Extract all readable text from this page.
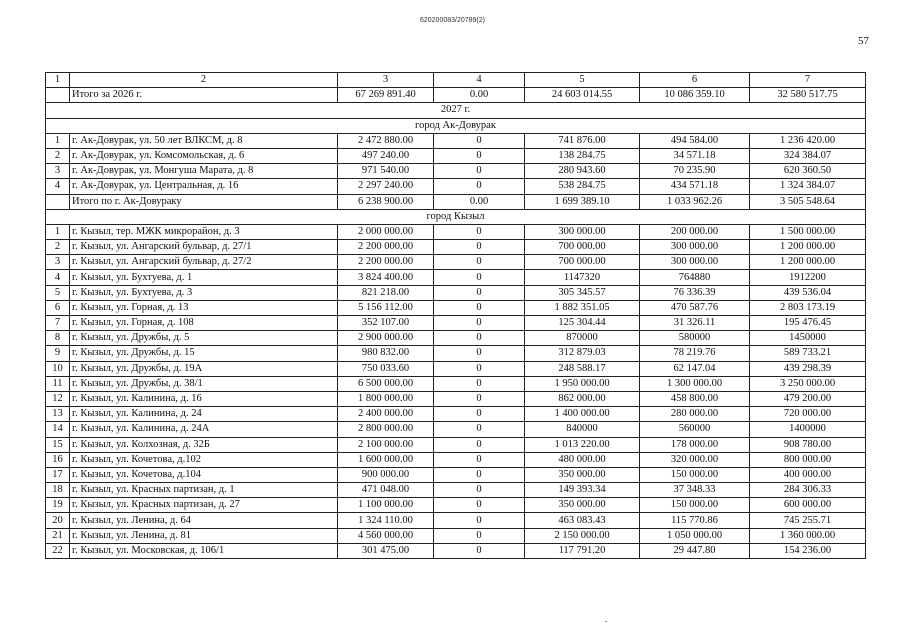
620200083/20789(2)
57
1	2	3	4	5	6	7
	Итого за 2026 г.	67 269 891.40	0.00	24 603 014.55	10 086 359.10	32 580 517.75
2027 г.						
город Ак-Довурак						
1	г. Ак-Довурак, ул. 50 лет ВЛКСМ, д. 8	2 472 880.00	0	741 876.00	494 584.00	1 236 420.00
2	г. Ак-Довурак, ул. Комсомольская, д. 6	497 240.00	0	138 284.75	34 571.18	324 384.07
3	г. Ак-Довурак, ул. Монгуша Марата, д. 8	971 540.00	0	280 943.60	70 235.90	620 360.50
4	г. Ак-Довурак, ул. Центральная, д. 16	2 297 240.00	0	538 284.75	434 571.18	1 324 384.07
	Итого по г. Ак-Довураку	6 238 900.00	0.00	1 699 389.10	1 033 962.26	3 505 548.64
город Кызыл						
1	г. Кызыл, тер. МЖК микрорайон, д. 3	2 000 000.00	0	300 000.00	200 000.00	1 500 000.00
2	г. Кызыл, ул. Ангарский бульвар, д. 27/1	2 200 000.00	0	700 000.00	300 000.00	1 200 000.00
3	г. Кызыл, ул. Ангарский бульвар, д. 27/2	2 200 000.00	0	700 000.00	300 000.00	1 200 000.00
4	г. Кызыл, ул. Бухтуева, д. 1	3 824 400.00	0	1147320	764880	1912200
5	г. Кызыл, ул. Бухтуева, д. 3	821 218.00	0	305 345.57	76 336.39	439 536.04
6	г. Кызыл, ул. Горная, д. 13	5 156 112.00	0	1 882 351.05	470 587.76	2 803 173.19
7	г. Кызыл, ул. Горная, д. 108	352 107.00	0	125 304.44	31 326.11	195 476.45
8	г. Кызыл, ул. Дружбы, д. 5	2 900 000.00	0	870000	580000	1450000
9	г. Кызыл, ул. Дружбы, д. 15	980 832.00	0	312 879.03	78 219.76	589 733.21
10	г. Кызыл, ул. Дружбы, д. 19А	750 033.60	0	248 588.17	62 147.04	439 298.39
11	г. Кызыл, ул. Дружбы, д. 38/1	6 500 000.00	0	1 950 000.00	1 300 000.00	3 250 000.00
12	г. Кызыл, ул. Калинина, д. 16	1 800 000.00	0	862 000.00	458 800.00	479 200.00
13	г. Кызыл, ул. Калинина, д. 24	2 400 000.00	0	1 400 000.00	280 000.00	720 000.00
14	г. Кызыл, ул. Калинина, д. 24А	2 800 000.00	0	840000	560000	1400000
15	г. Кызыл, ул. Колхозная, д. 32Б	2 100 000.00	0	1 013 220.00	178 000.00	908 780.00
16	г. Кызыл, ул. Кочетова, д.102	1 600 000.00	0	480 000.00	320 000.00	800 000.00
17	г. Кызыл, ул. Кочетова, д.104	900 000.00	0	350 000.00	150 000.00	400 000.00
18	г. Кызыл, ул. Красных партизан, д. 1	471 048.00	0	149 393.34	37 348.33	284 306.33
19	г. Кызыл, ул. Красных партизан, д. 27	1 100 000.00	0	350 000.00	150 000.00	600 000.00
20	г. Кызыл, ул. Ленина, д. 64	1 324 110.00	0	463 083.43	115 770.86	745 255.71
21	г. Кызыл, ул. Ленина, д. 81	4 560 000.00	0	2 150 000.00	1 050 000.00	1 360 000.00
22	г. Кызыл, ул. Московская, д. 106/1	301 475.00	0	117 791.20	29 447.80	154 236.00
